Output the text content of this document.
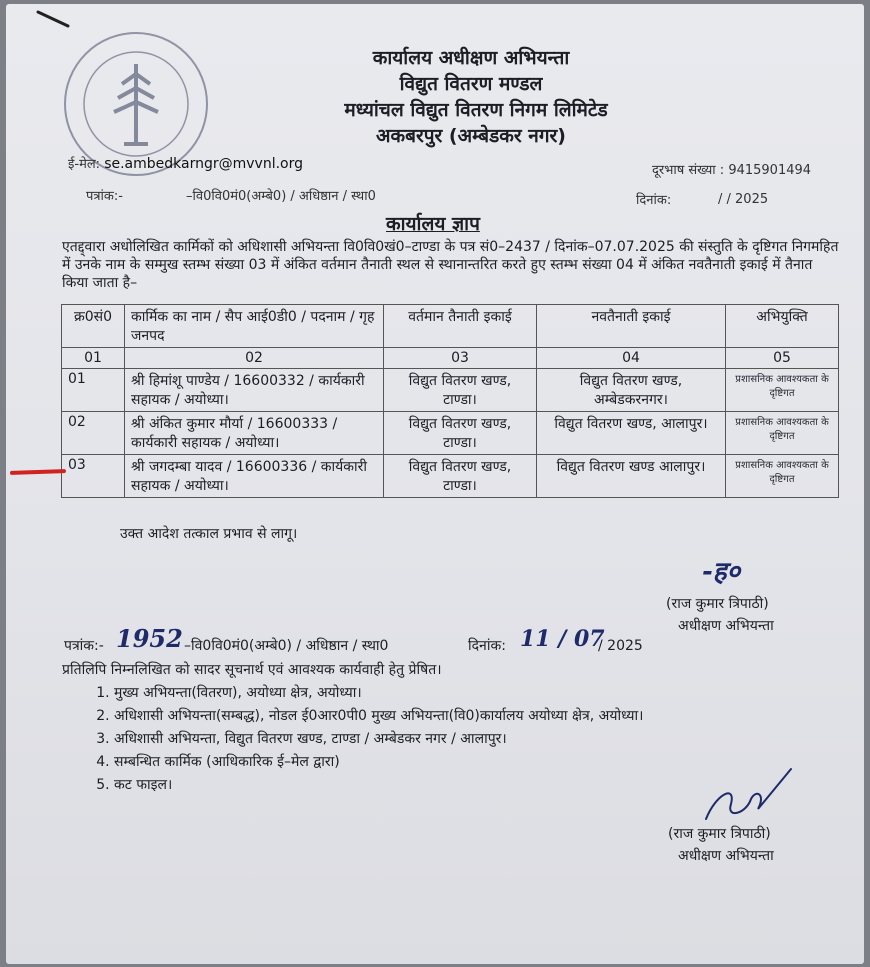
कार्यालय अधीक्षण अभियन्ता
विद्युत वितरण मण्डल
मध्यांचल विद्युत वितरण निगम लिमिटेड
अकबरपुर (अम्बेडकर नगर)
ई-मेल: se.ambedkarngr@mvvnl.org	दूरभाष संख्या : 9415901494
पत्रांक:-	–वि0वि0मं0(अम्बे0) / अधिष्ठान / स्था0	दिनांक:	/ / 2025
कार्यालय ज्ञाप
एतद्द्वारा अधोलिखित कार्मिकों को अधिशासी अभियन्ता वि0वि0खं0–टाण्डा के पत्र सं0–2437 / दिनांक–07.07.2025 की संस्तुति के दृष्टिगत निगमहित में उनके नाम के सम्मुख स्तम्भ संख्या 03 में अंकित वर्तमान तैनाती स्थल से स्थानान्तरित करते हुए स्तम्भ संख्या 04 में अंकित नवतैनाती इकाई में तैनात किया जाता है–
क्र0सं0	कार्मिक का नाम / सैप आई0डी0 / पदनाम / गृह जनपद	वर्तमान तैनाती इकाई	नवतैनाती इकाई	अभियुक्ति
01	02	03	04	05
01	श्री हिमांशू पाण्डेय / 16600332 / कार्यकारी सहायक / अयोध्या।	विद्युत वितरण खण्ड, टाण्डा।	विद्युत वितरण खण्ड, अम्बेडकरनगर।	प्रशासनिक आवश्यकता के दृष्टिगत
02	श्री अंकित कुमार मौर्या / 16600333 / कार्यकारी सहायक / अयोध्या।	विद्युत वितरण खण्ड, टाण्डा।	विद्युत वितरण खण्ड, आलापुर।	प्रशासनिक आवश्यकता के दृष्टिगत
03	श्री जगदम्बा यादव / 16600336 / कार्यकारी सहायक / अयोध्या।	विद्युत वितरण खण्ड, टाण्डा।	विद्युत वितरण खण्ड आलापुर।	प्रशासनिक आवश्यकता के दृष्टिगत
उक्त आदेश तत्काल प्रभाव से लागू।
-ह०
(राज कुमार त्रिपाठी)
अधीक्षण अभियन्ता
पत्रांक:- 1952 –वि0वि0मं0(अम्बे0) / अधिष्ठान / स्था0	दिनांक: 11 / 07
/ 2025
प्रतिलिपि निम्नलिखित को सादर सूचनार्थ एवं आवश्यक कार्यवाही हेतु प्रेषित।
1. मुख्य अभियन्ता(वितरण), अयोध्या क्षेत्र, अयोध्या।
2. अधिशासी अभियन्ता(सम्बद्ध), नोडल ई0आर0पी0 मुख्य अभियन्ता(वि0)कार्यालय अयोध्या क्षेत्र, अयोध्या।
3. अधिशासी अभियन्ता, विद्युत वितरण खण्ड, टाण्डा / अम्बेडकर नगर / आलापुर।
4. सम्बन्धित कार्मिक (आधिकारिक ई–मेल द्वारा)
5. कट फाइल।
(राज कुमार त्रिपाठी)
अधीक्षण अभियन्ता
